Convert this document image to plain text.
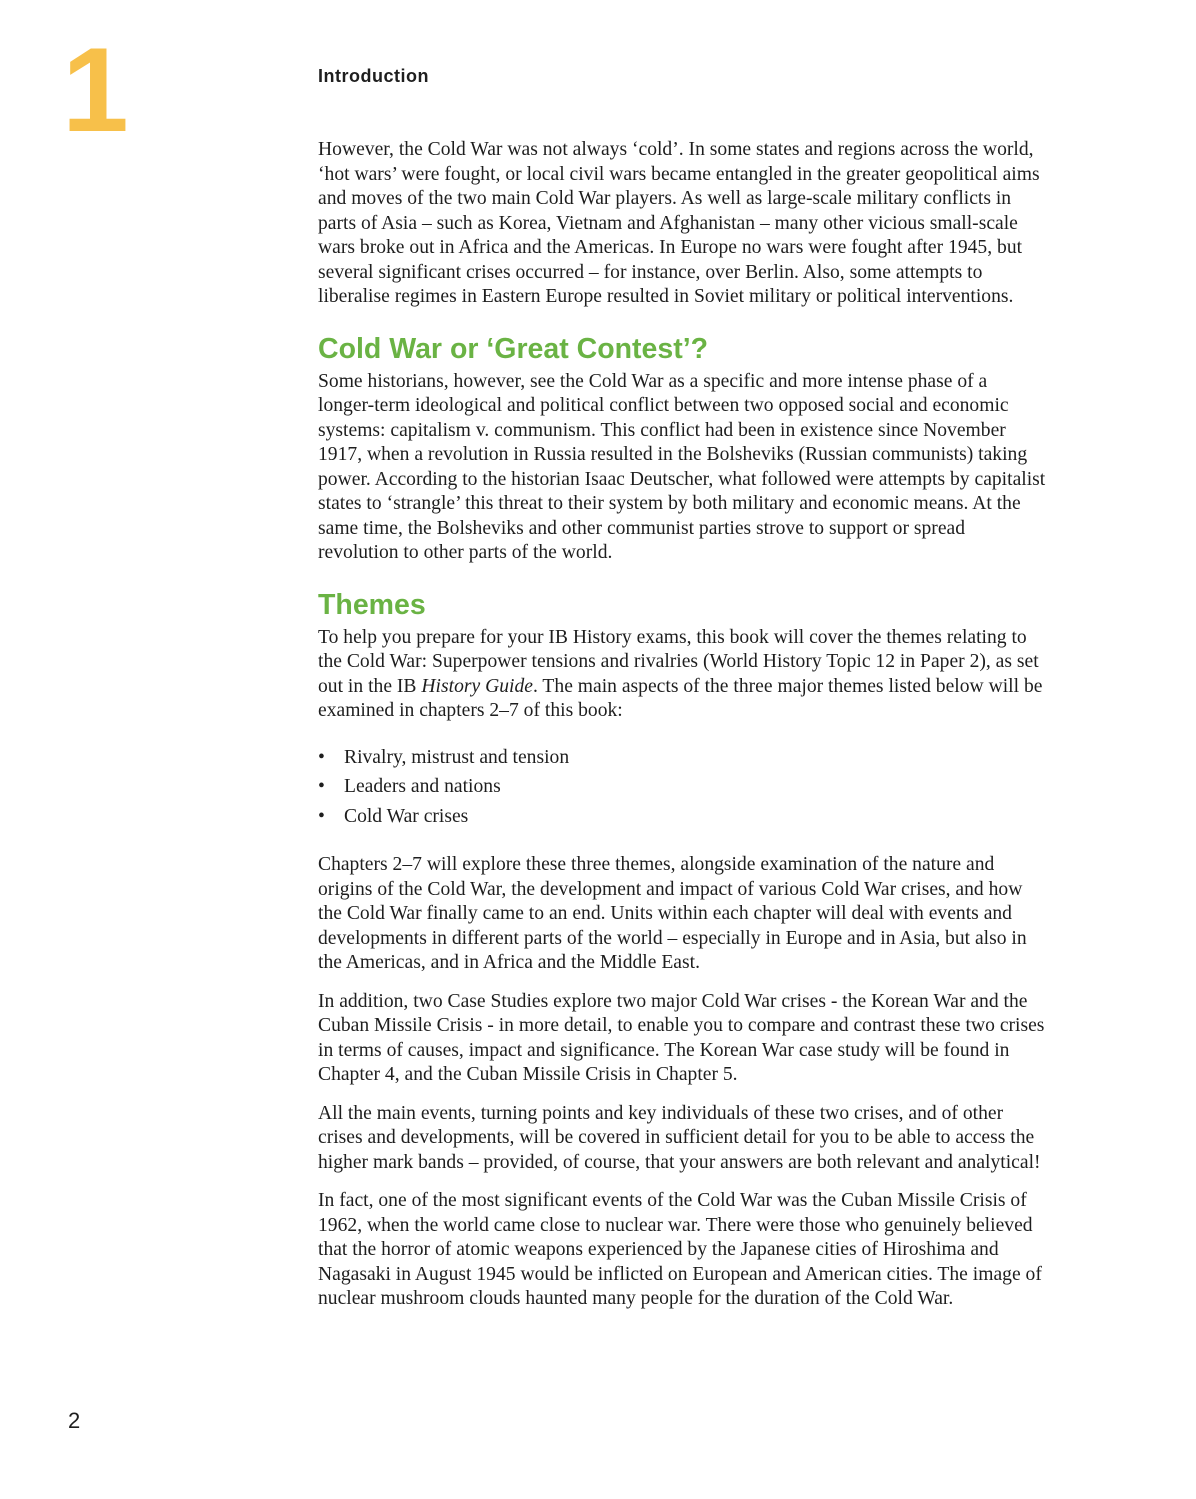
1	Introduction

However, the Cold War was not always ‘cold’. In some states and regions across the world, ‘hot wars’ were fought, or local civil wars became entangled in the greater geopolitical aims and moves of the two main Cold War players. As well as large-scale military conflicts in parts of Asia – such as Korea, Vietnam and Afghanistan – many other vicious small-scale wars broke out in Africa and the Americas. In Europe no wars were fought after 1945, but several significant crises occurred – for instance, over Berlin. Also, some attempts to liberalise regimes in Eastern Europe resulted in Soviet military or political interventions.

Cold War or ‘Great Contest’?

Some historians, however, see the Cold War as a specific and more intense phase of a longer-term ideological and political conflict between two opposed social and economic systems: capitalism v. communism. This conflict had been in existence since November 1917, when a revolution in Russia resulted in the Bolsheviks (Russian communists) taking power. According to the historian Isaac Deutscher, what followed were attempts by capitalist states to ‘strangle’ this threat to their system by both military and economic means. At the same time, the Bolsheviks and other communist parties strove to support or spread revolution to other parts of the world.

Themes

To help you prepare for your IB History exams, this book will cover the themes relating to the Cold War: Superpower tensions and rivalries (World History Topic 12 in Paper 2), as set out in the IB History Guide. The main aspects of the three major themes listed below will be examined in chapters 2–7 of this book:

• Rivalry, mistrust and tension
• Leaders and nations
• Cold War crises

Chapters 2–7 will explore these three themes, alongside examination of the nature and origins of the Cold War, the development and impact of various Cold War crises, and how the Cold War finally came to an end. Units within each chapter will deal with events and developments in different parts of the world – especially in Europe and in Asia, but also in the Americas, and in Africa and the Middle East.

In addition, two Case Studies explore two major Cold War crises - the Korean War and the Cuban Missile Crisis - in more detail, to enable you to compare and contrast these two crises in terms of causes, impact and significance. The Korean War case study will be found in Chapter 4, and the Cuban Missile Crisis in Chapter 5.

All the main events, turning points and key individuals of these two crises, and of other crises and developments, will be covered in sufficient detail for you to be able to access the higher mark bands – provided, of course, that your answers are both relevant and analytical!

In fact, one of the most significant events of the Cold War was the Cuban Missile Crisis of 1962, when the world came close to nuclear war. There were those who genuinely believed that the horror of atomic weapons experienced by the Japanese cities of Hiroshima and Nagasaki in August 1945 would be inflicted on European and American cities. The image of nuclear mushroom clouds haunted many people for the duration of the Cold War.

2
